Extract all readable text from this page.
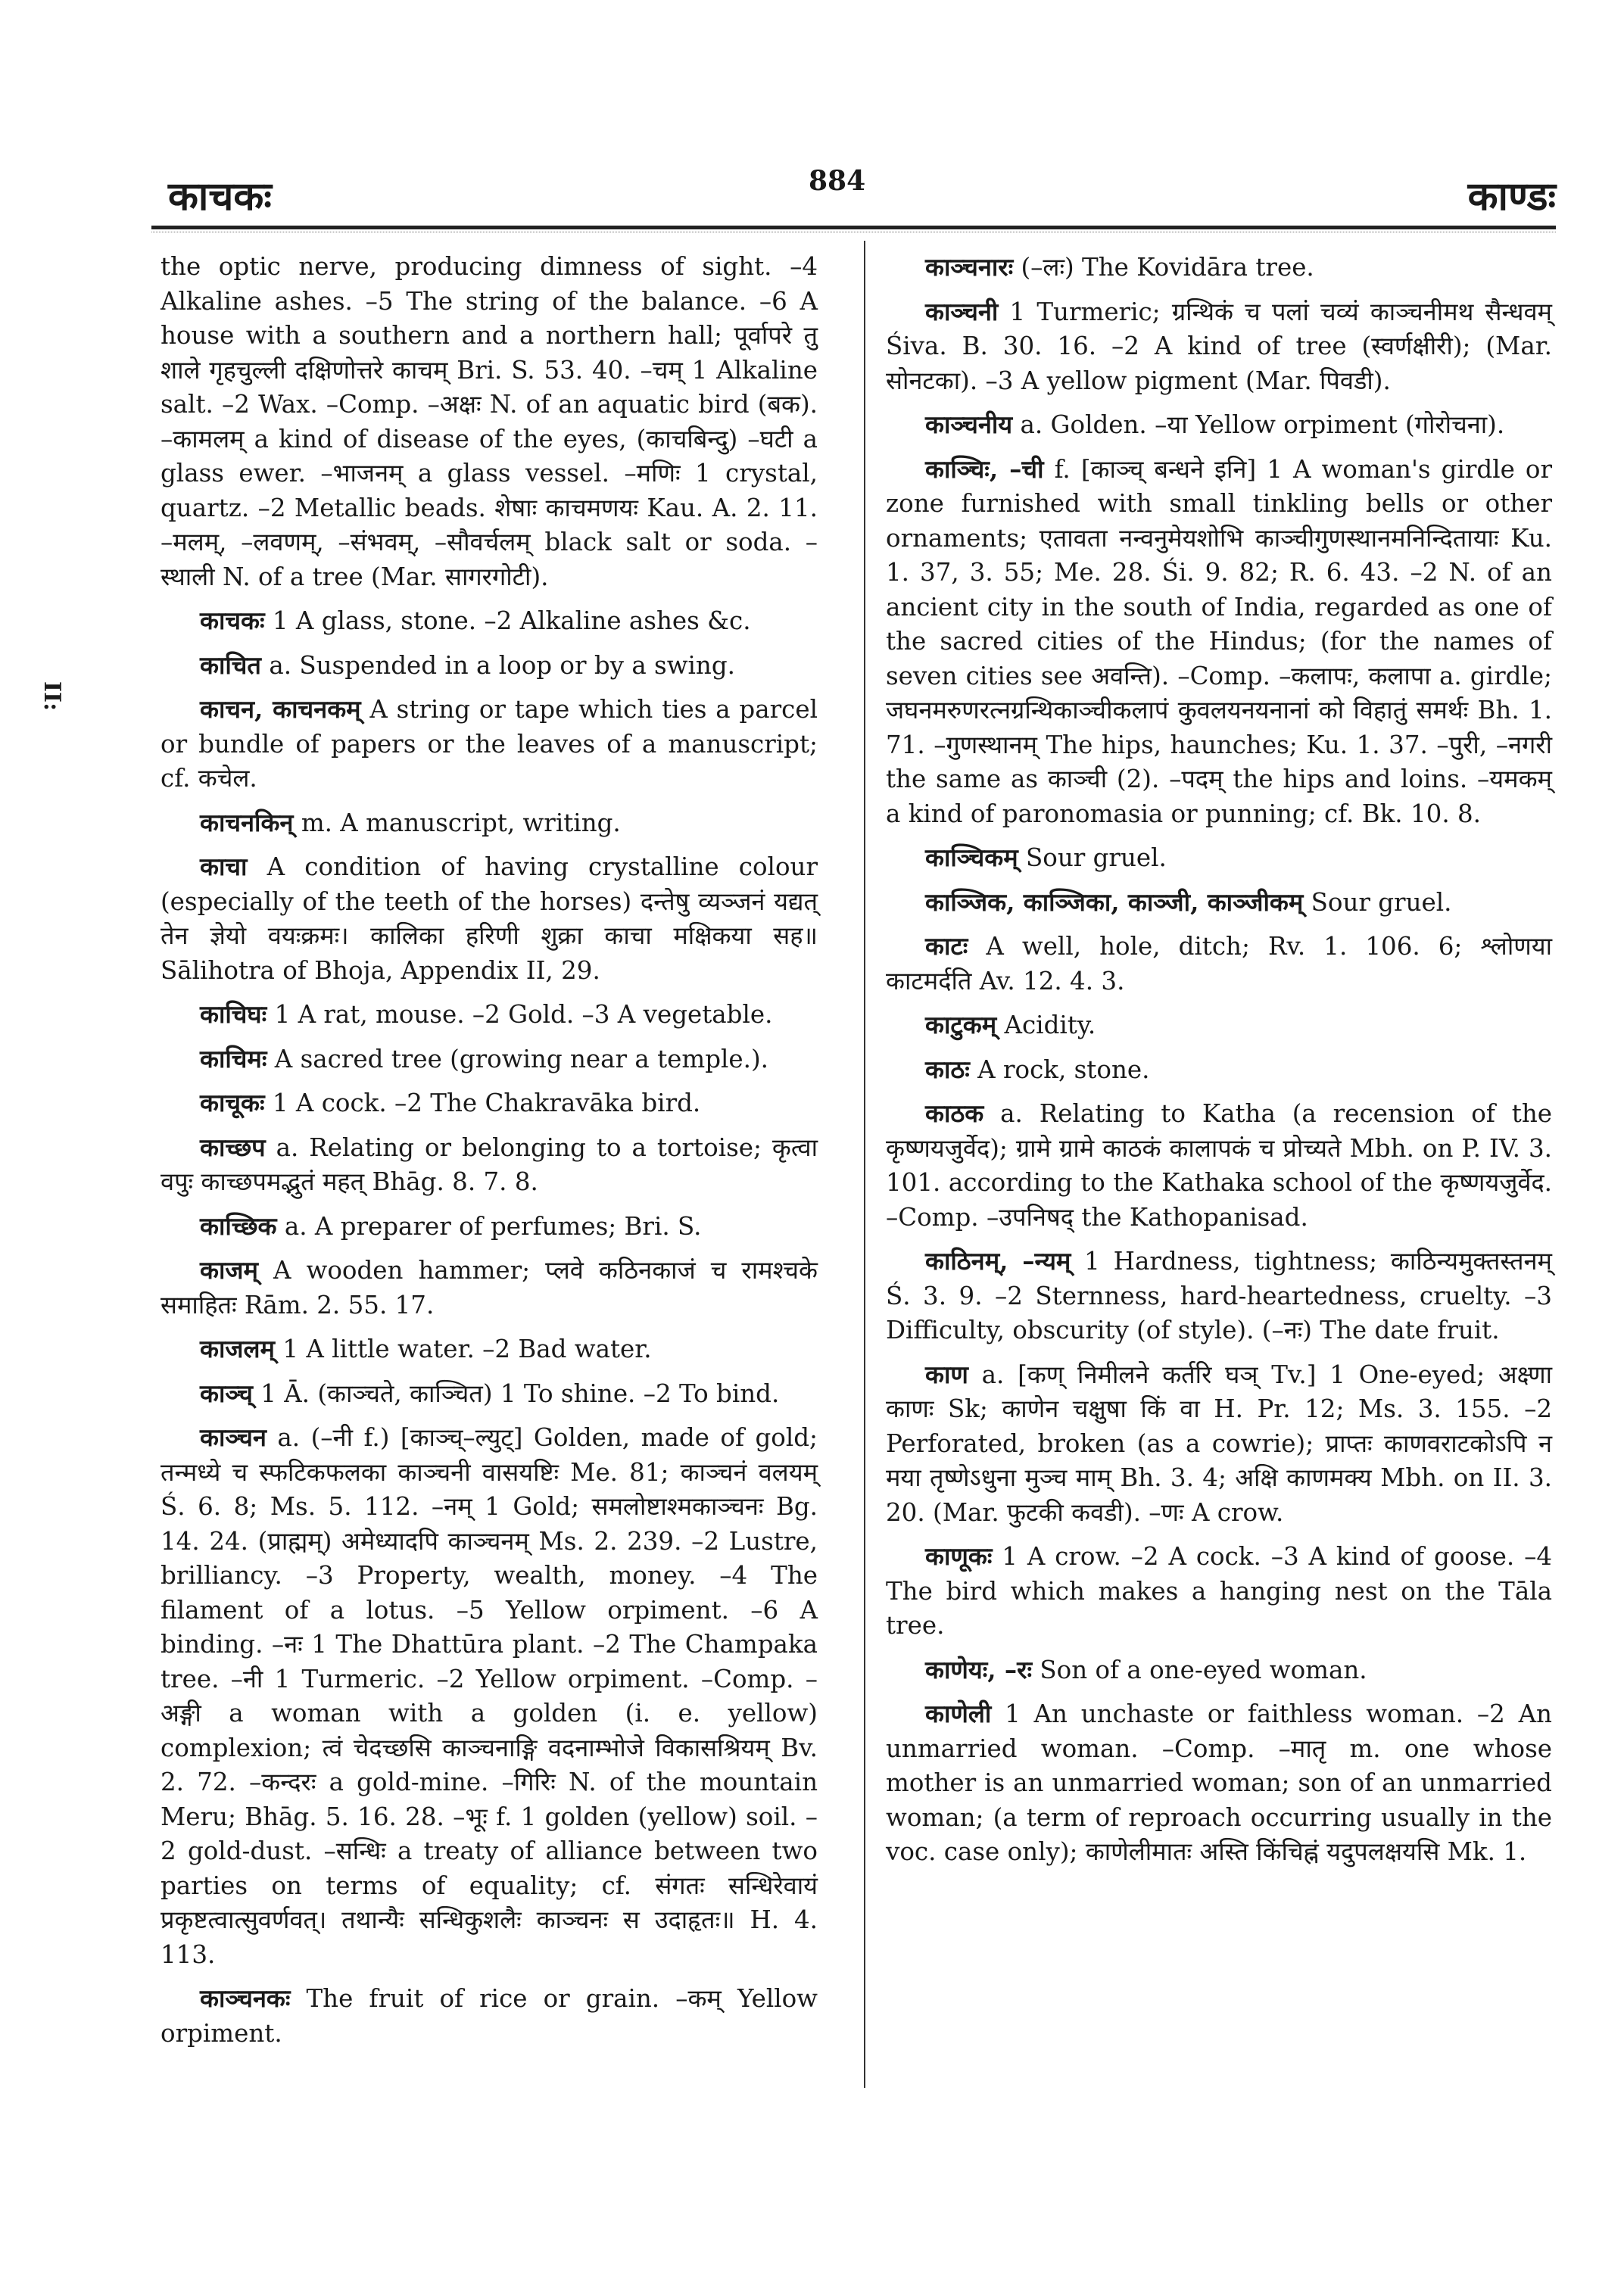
काचकः	884	काण्डः
II:

the optic nerve, producing dimness of sight. –4 Alkaline ashes. –5 The string of the balance. –6 A house with a southern and a northern hall; पूर्वापरे तु शाले गृहचुल्ली दक्षिणोत्तरे काचम् Bri. S. 53. 40. –चम् 1 Alkaline salt. –2 Wax. –Comp. –अक्षः N. of an aquatic bird (बक). –कामलम् a kind of disease of the eyes, (काचबिन्दु) –घटी a glass ewer. –भाजनम् a glass vessel. –मणिः 1 crystal, quartz. –2 Metallic beads. शेषाः काचमणयः Kau. A. 2. 11. –मलम्, –लवणम्, –संभवम्, –सौवर्चलम् black salt or soda. –स्थाली N. of a tree (Mar. सागरगोटी).

काचकः 1 A glass, stone. –2 Alkaline ashes &c.

काचित a. Suspended in a loop or by a swing.

काचन, काचनकम् A string or tape which ties a parcel or bundle of papers or the leaves of a manuscript; cf. कचेल.

काचनकिन् m. A manuscript, writing.

काचा A condition of having crystalline colour (especially of the teeth of the horses) दन्तेषु व्यञ्जनं यद्यत् तेन ज्ञेयो वयःक्रमः। कालिका हरिणी शुक्रा काचा मक्षिकया सह॥ Sālihotra of Bhoja, Appendix II, 29.

काचिघः 1 A rat, mouse. –2 Gold. –3 A vegetable.

काचिमः A sacred tree (growing near a temple.).

काचूकः 1 A cock. –2 The Chakravāka bird.

काच्छप a. Relating or belonging to a tortoise; कृत्वा वपुः काच्छपमद्भुतं महत् Bhāg. 8. 7. 8.

काच्छिक a. A preparer of perfumes; Bri. S.

काजम् A wooden hammer; प्लवे कठिनकाजं च रामश्चके समाहितः Rām. 2. 55. 17.

काजलम् 1 A little water. –2 Bad water.

काञ्च् 1 Ā. (काञ्चते, काञ्चित) 1 To shine. –2 To bind.

काञ्चन a. (–नी f.) [काञ्च्–ल्युट्] Golden, made of gold; तन्मध्ये च स्फटिकफलका काञ्चनी वासयष्टिः Me. 81; काञ्चनं वलयम् Ś. 6. 8; Ms. 5. 112. –नम् 1 Gold; समलोष्टाश्मकाञ्चनः Bg. 14. 24. (प्राह्मम्) अमेध्यादपि काञ्चनम् Ms. 2. 239. –2 Lustre, brilliancy. –3 Property, wealth, money. –4 The filament of a lotus. –5 Yellow orpiment. –6 A binding. –नः 1 The Dhattūra plant. –2 The Champaka tree. –नी 1 Turmeric. –2 Yellow orpiment. –Comp. –अङ्गी a woman with a golden (i. e. yellow) complexion; त्वं चेदच्छसि काञ्चनाङ्गि वदनाम्भोजे विकासश्रियम् Bv. 2. 72. –कन्दरः a gold-mine. –गिरिः N. of the mountain Meru; Bhāg. 5. 16. 28. –भूः f. 1 golden (yellow) soil. –2 gold-dust. –सन्धिः a treaty of alliance between two parties on terms of equality; cf. संगतः सन्धिरेवायं प्रकृष्टत्वात्सुवर्णवत्। तथान्यैः सन्धिकुशलैः काञ्चनः स उदाहृतः॥ H. 4. 113.

काञ्चनकः The fruit of rice or grain. –कम् Yellow orpiment.

काञ्चनारः (–लः) The Kovidāra tree.

काञ्चनी 1 Turmeric; ग्रन्थिकं च पलां चव्यं काञ्चनीमथ सैन्धवम् Śiva. B. 30. 16. –2 A kind of tree (स्वर्णक्षीरी); (Mar. सोनटका). –3 A yellow pigment (Mar. पिवडी).

काञ्चनीय a. Golden. –या Yellow orpiment (गोरोचना).

काञ्चिः, –ची f. [काञ्च् बन्धने इनि] 1 A woman's girdle or zone furnished with small tinkling bells or other ornaments; एतावता नन्वनुमेयशोभि काञ्चीगुणस्थानमनिन्दितायाः Ku. 1. 37, 3. 55; Me. 28. Śi. 9. 82; R. 6. 43. –2 N. of an ancient city in the south of India, regarded as one of the sacred cities of the Hindus; (for the names of seven cities see अवन्ति). –Comp. –कलापः, कलापा a. girdle; जघनमरुणरत्नग्रन्थिकाञ्चीकलापं कुवलयनयनानां को विहातुं समर्थः Bh. 1. 71. –गुणस्थानम् The hips, haunches; Ku. 1. 37. –पुरी, –नगरी the same as काञ्ची (2). –पदम् the hips and loins. –यमकम् a kind of paronomasia or punning; cf. Bk. 10. 8.

काञ्चिकम् Sour gruel.

काञ्जिक, काञ्जिका, काञ्जी, काञ्जीकम् Sour gruel.

काटः A well, hole, ditch; Rv. 1. 106. 6; श्लोणया काटमर्दति Av. 12. 4. 3.

काटुकम् Acidity.

काठः A rock, stone.

काठक a. Relating to Katha (a recension of the कृष्णयजुर्वेद); ग्रामे ग्रामे काठकं कालापकं च प्रोच्यते Mbh. on P. IV. 3. 101. according to the Kathaka school of the कृष्णयजुर्वेद. –Comp. –उपनिषद् the Kathopanisad.

काठिनम्, –न्यम् 1 Hardness, tightness; काठिन्यमुक्तस्तनम् Ś. 3. 9. –2 Sternness, hard-heartedness, cruelty. –3 Difficulty, obscurity (of style). (–नः) The date fruit.

काण a. [कण् निमीलने कर्तरि घञ् Tv.] 1 One-eyed; अक्ष्णा काणः Sk; काणेन चक्षुषा किं वा H. Pr. 12; Ms. 3. 155. –2 Perforated, broken (as a cowrie); प्राप्तः काणवराटकोऽपि न मया तृष्णेऽधुना मुञ्च माम् Bh. 3. 4; अक्षि काणमक्य Mbh. on II. 3. 20. (Mar. फुटकी कवडी). –णः A crow.

काणूकः 1 A crow. –2 A cock. –3 A kind of goose. –4 The bird which makes a hanging nest on the Tāla tree.

काणेयः, –रः Son of a one-eyed woman.

काणेली 1 An unchaste or faithless woman. –2 An unmarried woman. –Comp. –मातृ m. one whose mother is an unmarried woman; son of an unmarried woman; (a term of reproach occurring usually in the voc. case only); काणेलीमातः अस्ति किंचिह्नं यदुपलक्षयसि Mk. 1.
